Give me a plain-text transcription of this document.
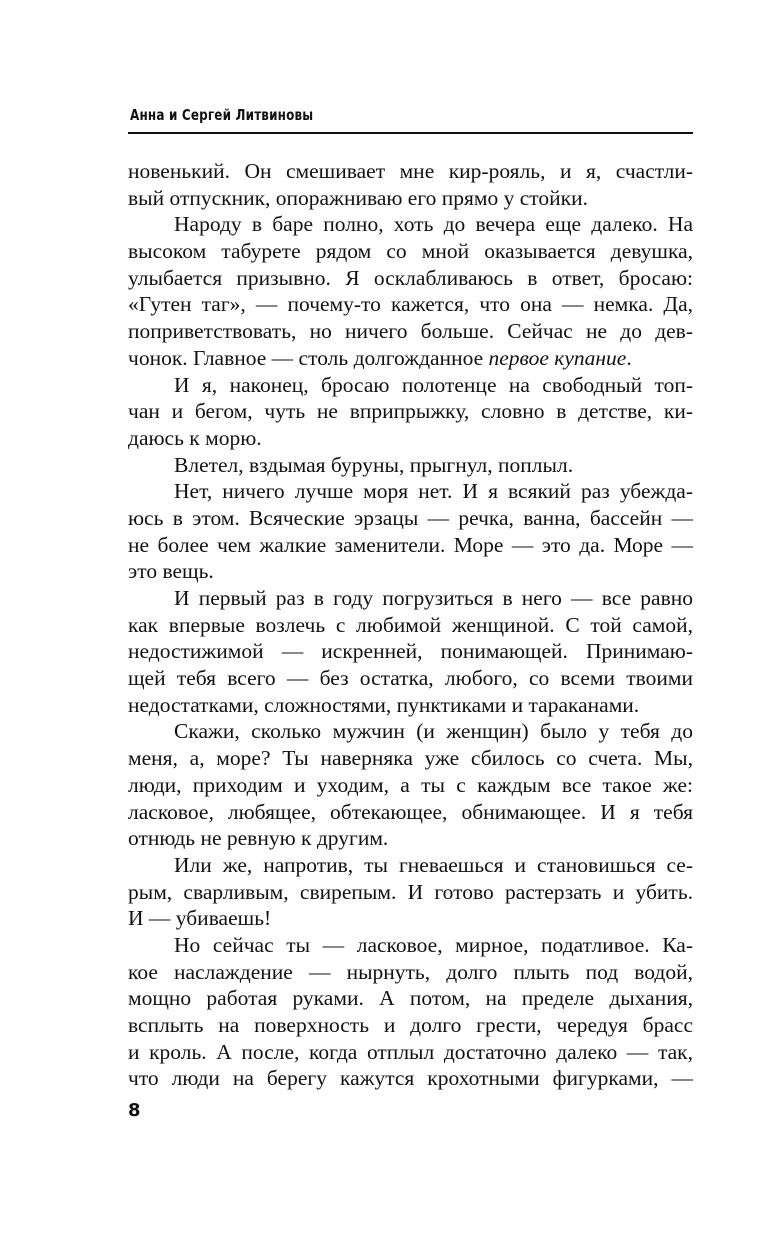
Анна и Сергей Литвиновы
новенький. Он смешивает мне кир-рояль, и я, счастли-
вый отпускник, опоражниваю его прямо у стойки.
Народу в баре полно, хоть до вечера еще далеко. На
высоком табурете рядом со мной оказывается девушка,
улыбается призывно. Я осклабливаюсь в ответ, бросаю:
«Гутен таг», — почему-то кажется, что она — немка. Да,
поприветствовать, но ничего больше. Сейчас не до дев-
чонок. Главное — столь долгожданное первое купание.
И я, наконец, бросаю полотенце на свободный топ-
чан и бегом, чуть не вприпрыжку, словно в детстве, ки-
даюсь к морю.
Влетел, вздымая буруны, прыгнул, поплыл.
Нет, ничего лучше моря нет. И я всякий раз убежда-
юсь в этом. Всяческие эрзацы — речка, ванна, бассейн —
не более чем жалкие заменители. Море — это да. Море —
это вещь.
И первый раз в году погрузиться в него — все равно
как впервые возлечь с любимой женщиной. С той самой,
недостижимой — искренней, понимающей. Принимаю-
щей тебя всего — без остатка, любого, со всеми твоими
недостатками, сложностями, пунктиками и тараканами.
Скажи, сколько мужчин (и женщин) было у тебя до
меня, а, море? Ты наверняка уже сбилось со счета. Мы,
люди, приходим и уходим, а ты с каждым все такое же:
ласковое, любящее, обтекающее, обнимающее. И я тебя
отнюдь не ревную к другим.
Или же, напротив, ты гневаешься и становишься се-
рым, сварливым, свирепым. И готово растерзать и убить.
И — убиваешь!
Но сейчас ты — ласковое, мирное, податливое. Ка-
кое наслаждение — нырнуть, долго плыть под водой,
мощно работая руками. А потом, на пределе дыхания,
всплыть на поверхность и долго грести, чередуя брасс
и кроль. А после, когда отплыл достаточно далеко — так,
что люди на берегу кажутся крохотными фигурками, —
8
